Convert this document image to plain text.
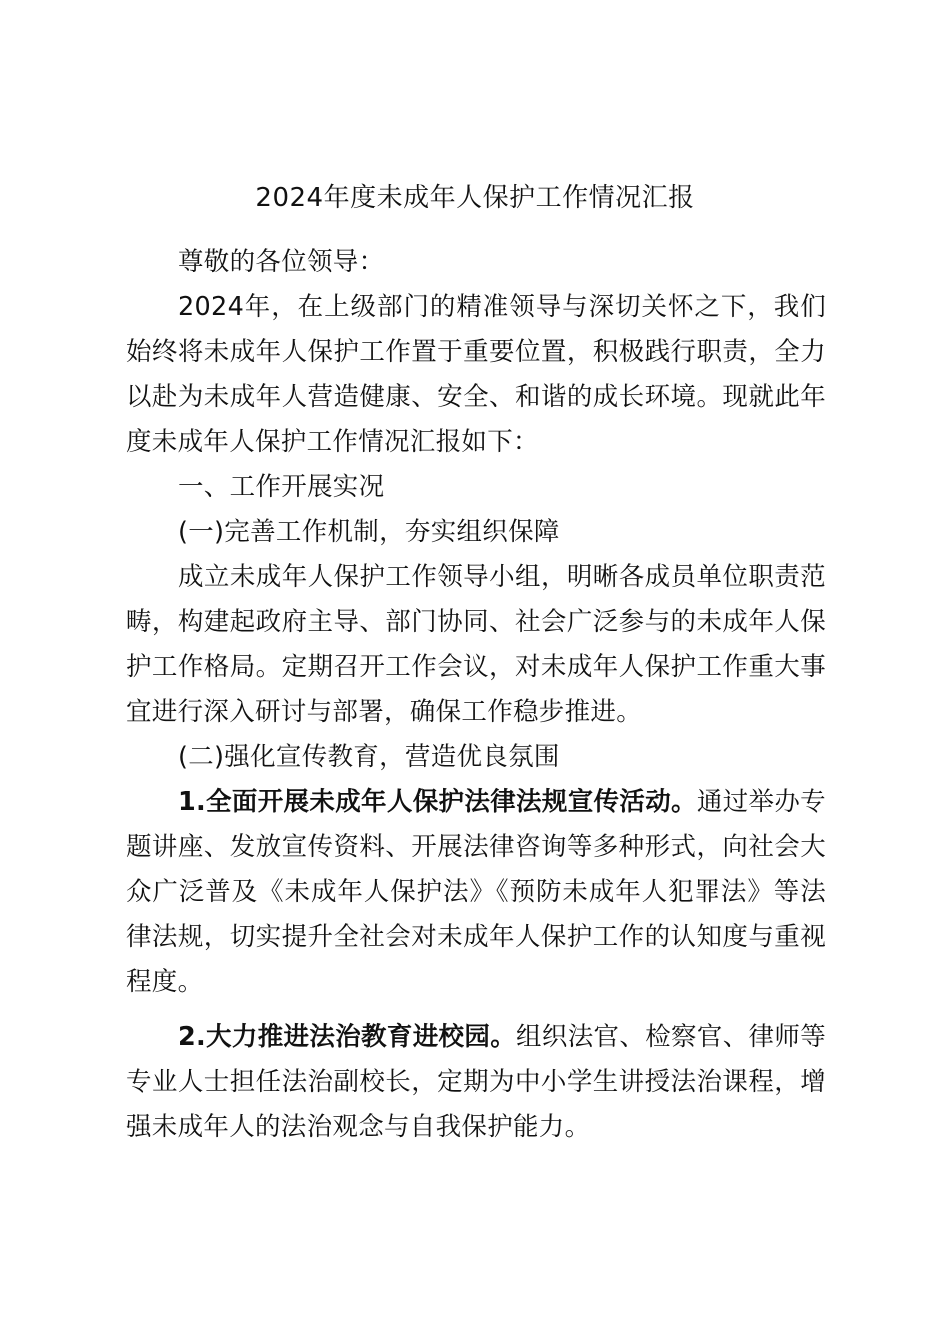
2024年度未成年人保护工作情况汇报

尊敬的各位领导：

2024年，在上级部门的精准领导与深切关怀之下，我们始终将未成年人保护工作置于重要位置，积极践行职责，全力以赴为未成年人营造健康、安全、和谐的成长环境。现就此年度未成年人保护工作情况汇报如下：

一、工作开展实况

(一)完善工作机制，夯实组织保障

成立未成年人保护工作领导小组，明晰各成员单位职责范畴，构建起政府主导、部门协同、社会广泛参与的未成年人保护工作格局。定期召开工作会议，对未成年人保护工作重大事宜进行深入研讨与部署，确保工作稳步推进。

(二)强化宣传教育，营造优良氛围

1.全面开展未成年人保护法律法规宣传活动。通过举办专题讲座、发放宣传资料、开展法律咨询等多种形式，向社会大众广泛普及《未成年人保护法》《预防未成年人犯罪法》等法律法规，切实提升全社会对未成年人保护工作的认知度与重视程度。

2.大力推进法治教育进校园。组织法官、检察官、律师等专业人士担任法治副校长，定期为中小学生讲授法治课程，增强未成年人的法治观念与自我保护能力。
